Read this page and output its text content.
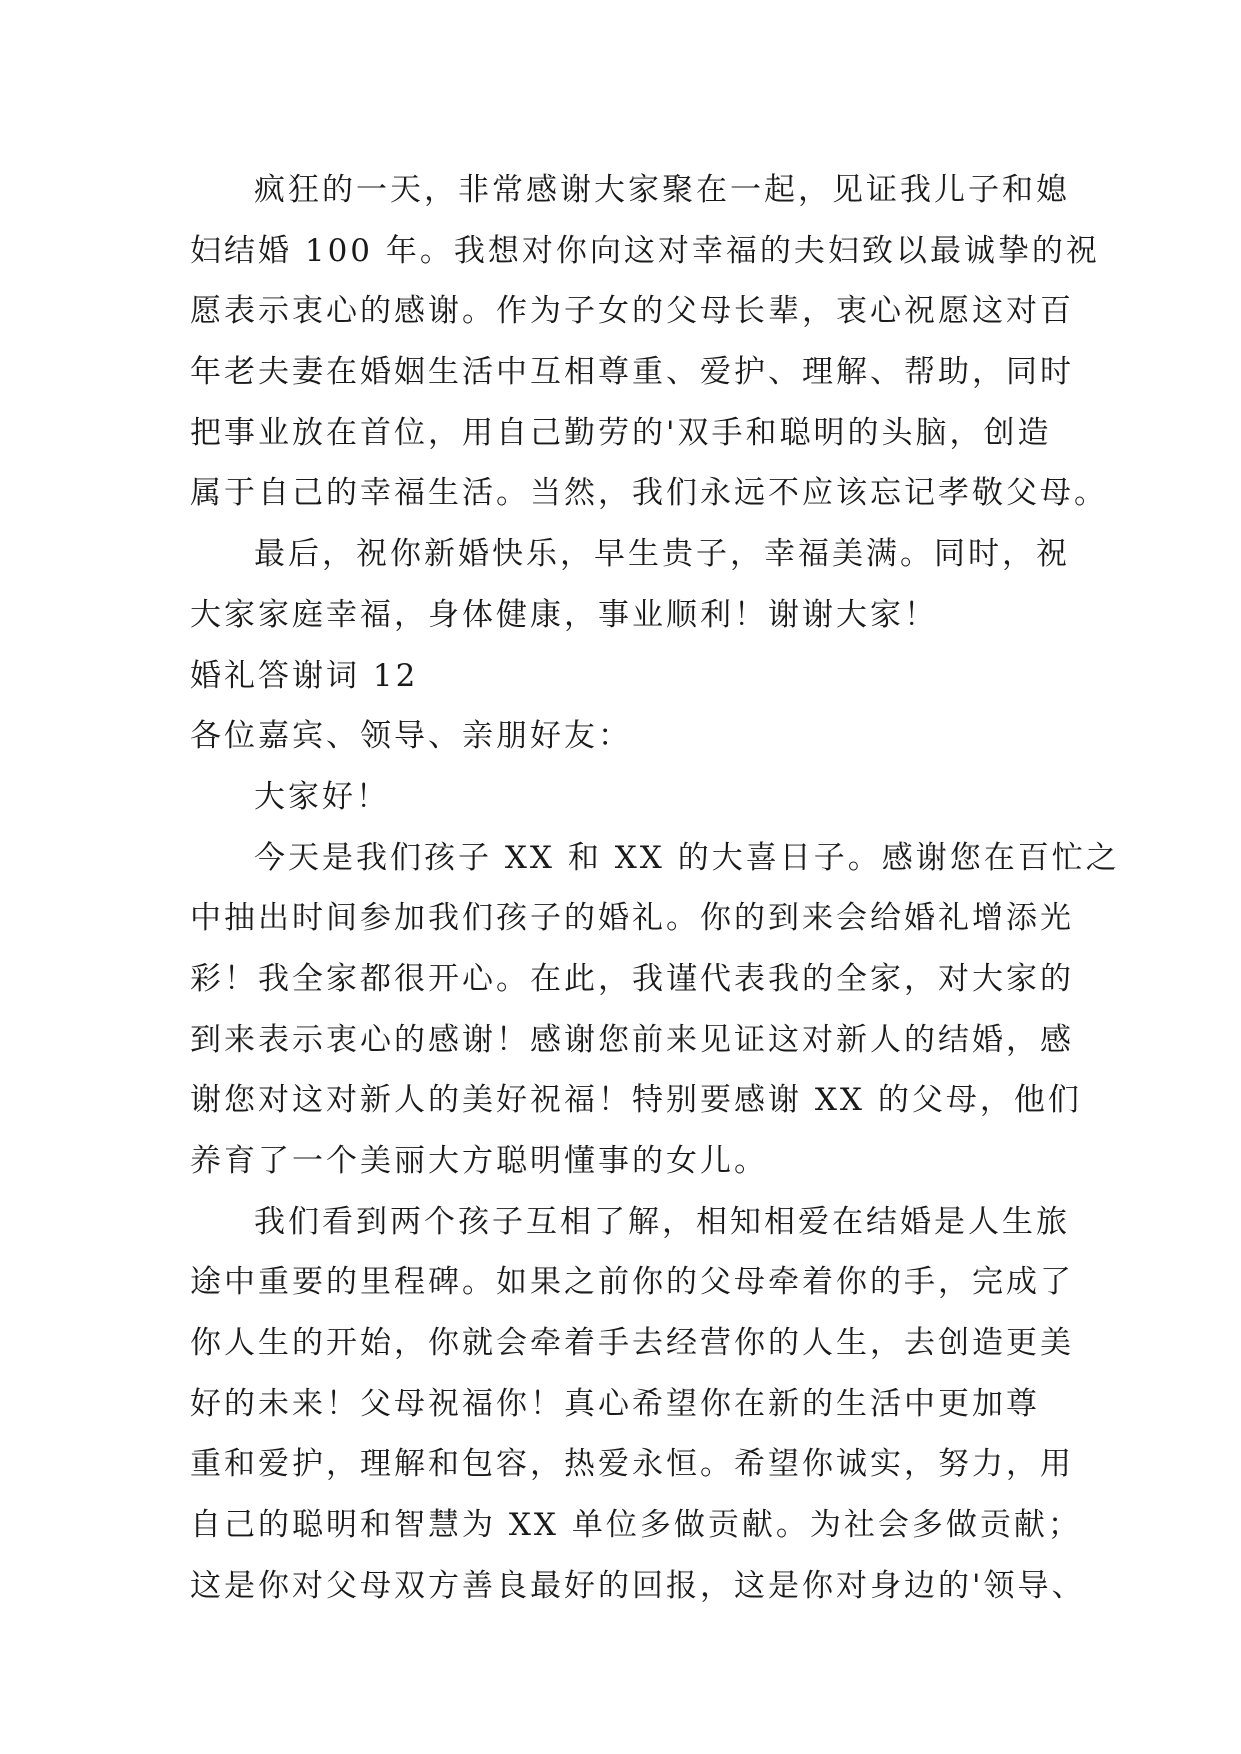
疯狂的一天，非常感谢大家聚在一起，见证我儿子和媳
妇结婚 100 年。我想对你向这对幸福的夫妇致以最诚挚的祝
愿表示衷心的感谢。作为子女的父母长辈，衷心祝愿这对百
年老夫妻在婚姻生活中互相尊重、爱护、理解、帮助，同时
把事业放在首位，用自己勤劳的'双手和聪明的头脑，创造
属于自己的幸福生活。当然，我们永远不应该忘记孝敬父母。
最后，祝你新婚快乐，早生贵子，幸福美满。同时，祝
大家家庭幸福，身体健康，事业顺利！谢谢大家！
婚礼答谢词 12
各位嘉宾、领导、亲朋好友：
大家好！
今天是我们孩子 XX 和 XX 的大喜日子。感谢您在百忙之
中抽出时间参加我们孩子的婚礼。你的到来会给婚礼增添光
彩！我全家都很开心。在此，我谨代表我的全家，对大家的
到来表示衷心的感谢！感谢您前来见证这对新人的结婚，感
谢您对这对新人的美好祝福！特别要感谢 XX 的父母，他们
养育了一个美丽大方聪明懂事的女儿。
我们看到两个孩子互相了解，相知相爱在结婚是人生旅
途中重要的里程碑。如果之前你的父母牵着你的手，完成了
你人生的开始，你就会牵着手去经营你的人生，去创造更美
好的未来！父母祝福你！真心希望你在新的生活中更加尊
重和爱护，理解和包容，热爱永恒。希望你诚实，努力，用
自己的聪明和智慧为 XX 单位多做贡献。为社会多做贡献；
这是你对父母双方善良最好的回报，这是你对身边的'领导、
